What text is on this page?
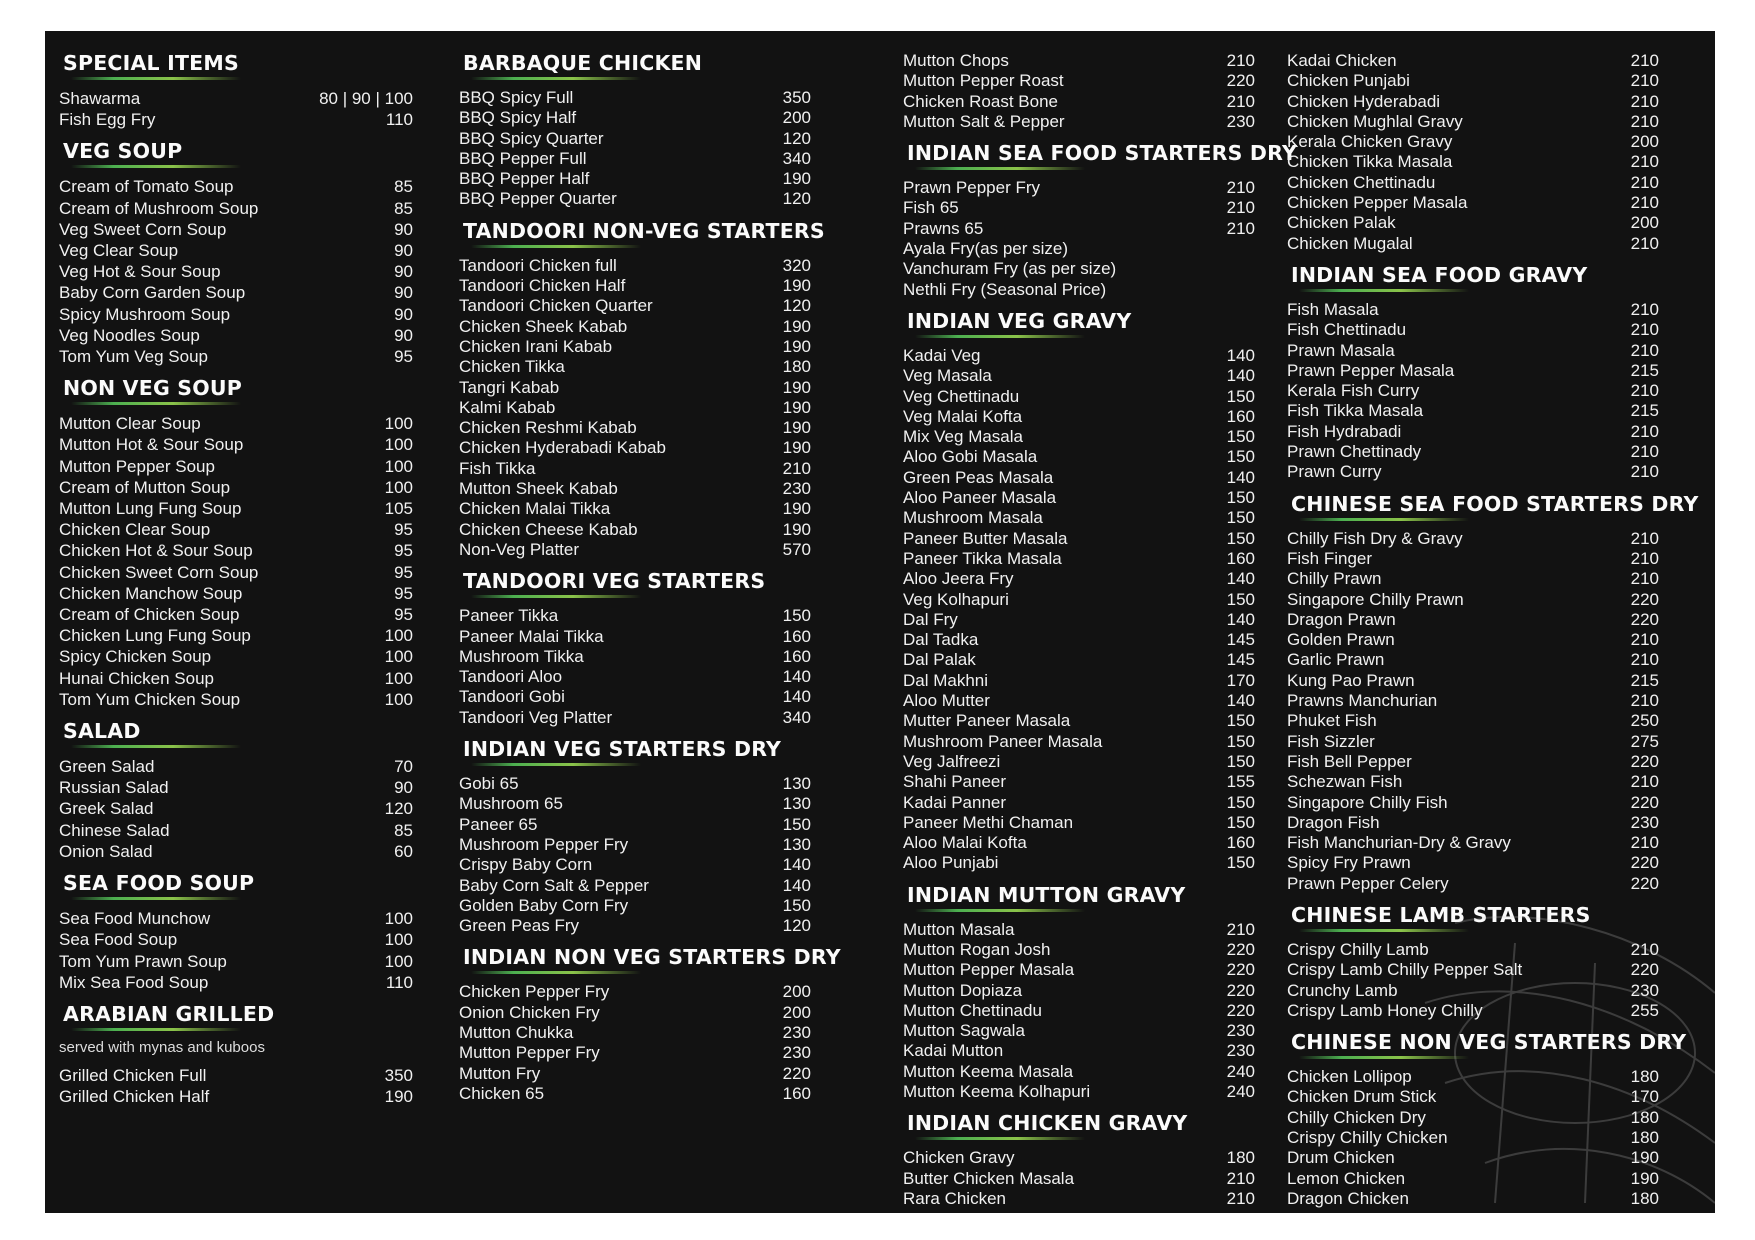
SPECIAL ITEMS
Shawarma	80 | 90 | 100
Fish Egg Fry	110
VEG SOUP
Cream of Tomato Soup	85
Cream of Mushroom Soup	85
Veg Sweet Corn Soup	90
Veg Clear Soup	90
Veg Hot & Sour Soup	90
Baby Corn Garden Soup	90
Spicy Mushroom Soup	90
Veg Noodles Soup	90
Tom Yum Veg Soup	95
NON VEG SOUP
Mutton Clear Soup	100
Mutton Hot & Sour Soup	100
Mutton Pepper Soup	100
Cream of Mutton Soup	100
Mutton Lung Fung Soup	105
Chicken Clear Soup	95
Chicken Hot & Sour Soup	95
Chicken Sweet Corn Soup	95
Chicken Manchow Soup	95
Cream of Chicken Soup	95
Chicken Lung Fung Soup	100
Spicy Chicken Soup	100
Hunai Chicken Soup	100
Tom Yum Chicken Soup	100
SALAD
Green Salad	70
Russian Salad	90
Greek Salad	120
Chinese Salad	85
Onion Salad	60
SEA FOOD SOUP
Sea Food Munchow	100
Sea Food Soup	100
Tom Yum Prawn Soup	100
Mix Sea Food Soup	110
ARABIAN GRILLED
served with mynas and kuboos
Grilled Chicken Full	350
Grilled Chicken Half	190
BARBAQUE CHICKEN
BBQ Spicy Full	350
BBQ Spicy Half	200
BBQ Spicy Quarter	120
BBQ Pepper Full	340
BBQ Pepper Half	190
BBQ Pepper Quarter	120
TANDOORI NON-VEG STARTERS
Tandoori Chicken full	320
Tandoori Chicken Half	190
Tandoori Chicken Quarter	120
Chicken Sheek Kabab	190
Chicken Irani Kabab	190
Chicken Tikka	180
Tangri Kabab	190
Kalmi Kabab	190
Chicken Reshmi Kabab	190
Chicken Hyderabadi Kabab	190
Fish Tikka	210
Mutton Sheek Kabab	230
Chicken Malai Tikka	190
Chicken Cheese Kabab	190
Non-Veg Platter	570
TANDOORI VEG STARTERS
Paneer Tikka	150
Paneer Malai Tikka	160
Mushroom Tikka	160
Tandoori Aloo	140
Tandoori Gobi	140
Tandoori Veg Platter	340
INDIAN VEG STARTERS DRY
Gobi 65	130
Mushroom 65	130
Paneer 65	150
Mushroom Pepper Fry	130
Crispy Baby Corn	140
Baby Corn Salt & Pepper	140
Golden Baby Corn Fry	150
Green Peas Fry	120
INDIAN NON VEG STARTERS DRY
Chicken Pepper Fry	200
Onion Chicken Fry	200
Mutton Chukka	230
Mutton Pepper Fry	230
Mutton Fry	220
Chicken 65	160
Mutton Chops	210
Mutton Pepper Roast	220
Chicken Roast Bone	210
Mutton Salt & Pepper	230
INDIAN SEA FOOD STARTERS DRY
Prawn Pepper Fry	210
Fish 65	210
Prawns 65	210
Ayala Fry(as per size)
Vanchuram Fry (as per size)
Nethli Fry (Seasonal Price)
INDIAN VEG GRAVY
Kadai Veg	140
Veg Masala	140
Veg Chettinadu	150
Veg Malai Kofta	160
Mix Veg Masala	150
Aloo Gobi Masala	150
Green Peas Masala	140
Aloo Paneer Masala	150
Mushroom Masala	150
Paneer Butter Masala	150
Paneer Tikka Masala	160
Aloo Jeera Fry	140
Veg Kolhapuri	150
Dal Fry	140
Dal Tadka	145
Dal Palak	145
Dal Makhni	170
Aloo Mutter	140
Mutter Paneer Masala	150
Mushroom Paneer Masala	150
Veg Jalfreezi	150
Shahi Paneer	155
Kadai Panner	150
Paneer Methi Chaman	150
Aloo Malai Kofta	160
Aloo Punjabi	150
INDIAN MUTTON GRAVY
Mutton Masala	210
Mutton Rogan Josh	220
Mutton Pepper Masala	220
Mutton Dopiaza	220
Mutton Chettinadu	220
Mutton Sagwala	230
Kadai Mutton	230
Mutton Keema Masala	240
Mutton Keema Kolhapuri	240
INDIAN CHICKEN GRAVY
Chicken Gravy	180
Butter Chicken Masala	210
Rara Chicken	210
Kadai Chicken	210
Chicken Punjabi	210
Chicken Hyderabadi	210
Chicken Mughlal Gravy	210
Kerala Chicken Gravy	200
Chicken Tikka Masala	210
Chicken Chettinadu	210
Chicken Pepper Masala	210
Chicken Palak	200
Chicken Mugalal	210
INDIAN SEA FOOD GRAVY
Fish Masala	210
Fish Chettinadu	210
Prawn Masala	210
Prawn Pepper Masala	215
Kerala Fish Curry	210
Fish Tikka Masala	215
Fish Hydrabadi	210
Prawn Chettinady	210
Prawn Curry	210
CHINESE SEA FOOD STARTERS DRY
Chilly Fish Dry & Gravy	210
Fish Finger	210
Chilly Prawn	210
Singapore Chilly Prawn	220
Dragon Prawn	220
Golden Prawn	210
Garlic Prawn	210
Kung Pao Prawn	215
Prawns Manchurian	210
Phuket Fish	250
Fish Sizzler	275
Fish Bell Pepper	220
Schezwan Fish	210
Singapore Chilly Fish	220
Dragon Fish	230
Fish Manchurian-Dry & Gravy	210
Spicy Fry Prawn	220
Prawn Pepper Celery	220
CHINESE LAMB STARTERS
Crispy Chilly Lamb	210
Crispy Lamb Chilly Pepper Salt	220
Crunchy Lamb	230
Crispy Lamb Honey Chilly	255
CHINESE NON VEG STARTERS DRY
Chicken Lollipop	180
Chicken Drum Stick	170
Chilly Chicken Dry	180
Crispy Chilly Chicken	180
Drum Chicken	190
Lemon Chicken	190
Dragon Chicken	180
